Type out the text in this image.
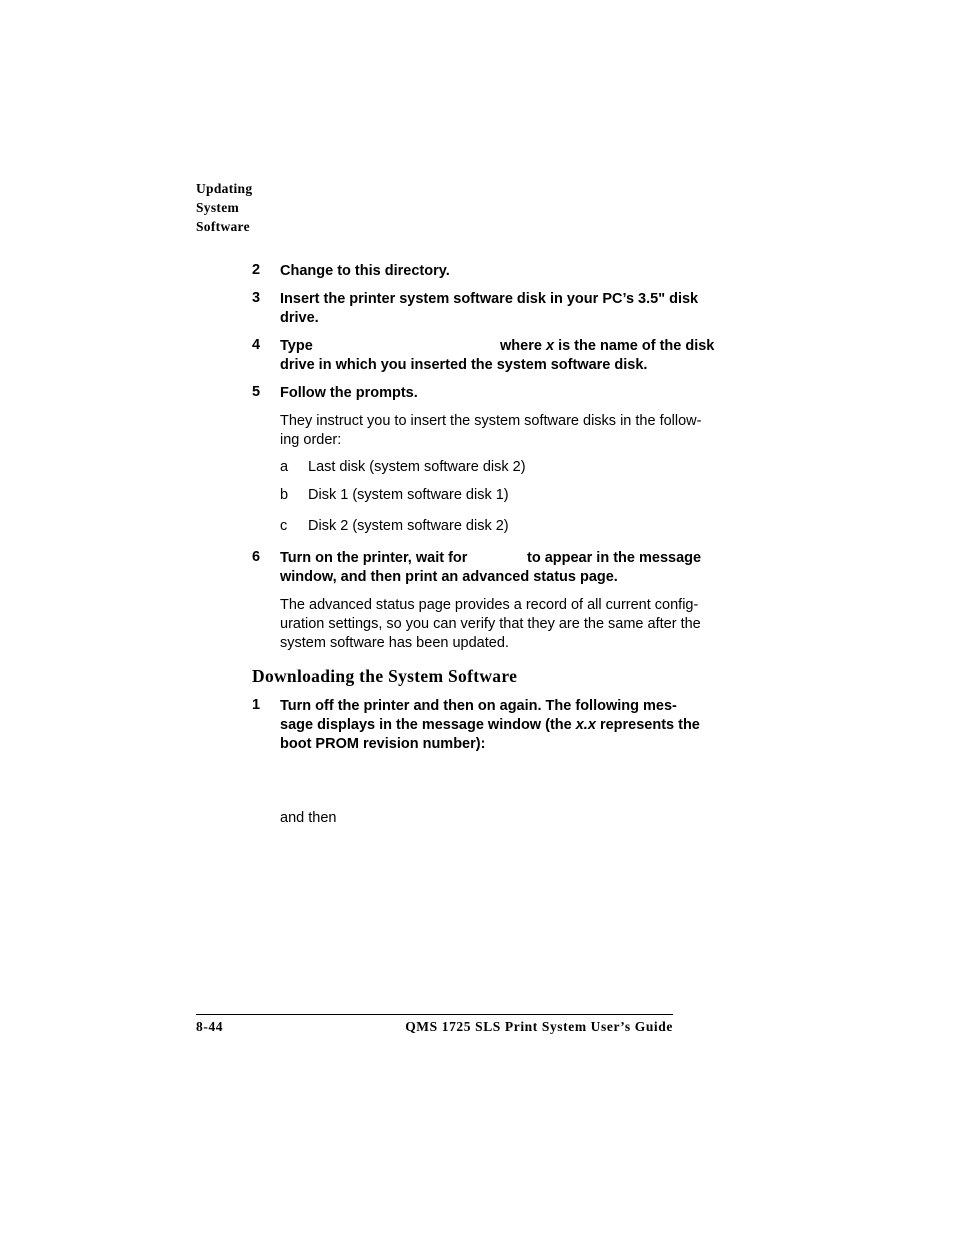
Updating
System
Software
2 Change to this directory.
3 Insert the printer system software disk in your PC’s 3.5" disk
drive.
4 Type	where x is the name of the disk
drive in which you inserted the system software disk.
5 Follow the prompts.
They instruct you to insert the system software disks in the follow-
ing order:
a Last disk (system software disk 2)
b Disk 1 (system software disk 1)
c Disk 2 (system software disk 2)
6 Turn on the printer, wait for	to appear in the message
window, and then print an advanced status page.
The advanced status page provides a record of all current config-
uration settings, so you can verify that they are the same after the
system software has been updated.
Downloading the System Software
1 Turn off the printer and then on again. The following mes-
sage displays in the message window (the x.x represents the
boot PROM revision number):
and then
8-44	QMS 1725 SLS Print System User’s Guide
